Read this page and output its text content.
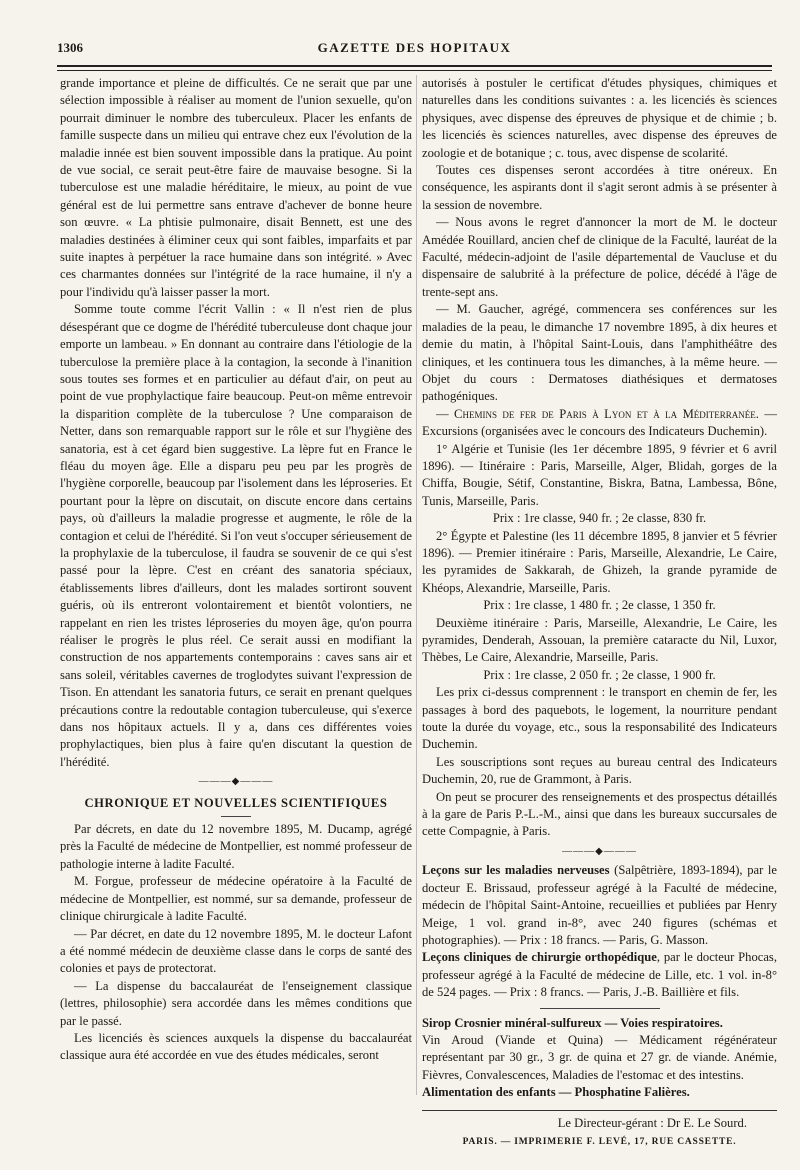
1306	GAZETTE DES HOPITAUX

grande importance et pleine de difficultés. Ce ne serait que par une sélection impossible à réaliser au moment de l'union sexuelle, qu'on pourrait diminuer le nombre des tuberculeux. Placer les enfants de famille suspecte dans un milieu qui entrave chez eux l'évolution de la maladie innée est bien souvent impossible dans la pratique. Au point de vue social, ce serait peut-être faire de mauvaise besogne. Si la tuberculose est une maladie héréditaire, le mieux, au point de vue général est de lui permettre sans entrave d'achever de bonne heure son œuvre. « La phtisie pulmonaire, disait Bennett, est une des maladies destinées à éliminer ceux qui sont faibles, imparfaits et par suite inaptes à perpétuer la race humaine dans son intégrité. » Avec ces charmantes données sur l'intégrité de la race humaine, il n'y a pour l'individu qu'à laisser passer la mort.

Somme toute comme l'écrit Vallin : « Il n'est rien de plus désespérant que ce dogme de l'hérédité tuberculeuse dont chaque jour emporte un lambeau. » En donnant au contraire dans l'étiologie de la tuberculose la première place à la contagion, la seconde à l'inanition sous toutes ses formes et en particulier au défaut d'air, on peut au point de vue prophylactique faire beaucoup. Peut-on même entrevoir la disparition complète de la tuberculose ? Une comparaison de Netter, dans son remarquable rapport sur le rôle et sur l'hygiène des sanatoria, est à cet égard bien suggestive. La lèpre fut en France le fléau du moyen âge. Elle a disparu peu peu par les progrès de l'hygiène corporelle, beaucoup par l'isolement dans les léproseries. Et pourtant pour la lèpre on discutait, on discute encore dans certains pays, où d'ailleurs la maladie progresse et augmente, le rôle de la contagion et celui de l'hérédité. Si l'on veut s'occuper sérieusement de la prophylaxie de la tuberculose, il faudra se souvenir de ce qui s'est passé pour la lèpre. C'est en créant des sanatoria spéciaux, établissements libres d'ailleurs, dont les malades sortiront souvent guéris, où ils entreront volontairement et bientôt volontiers, ne rappelant en rien les tristes léproseries du moyen âge, qu'on pourra réaliser le progrès le plus réel. Ce serait aussi en modifiant la construction de nos appartements contemporains : caves sans air et sans soleil, véritables cavernes de troglodytes suivant l'expression de Tison. En attendant les sanatoria futurs, ce serait en prenant quelques précautions contre la redoutable contagion tuberculeuse, qui s'exerce dans nos hôpitaux actuels. Il y a, dans ces différentes voies prophylactiques, bien plus à faire qu'en discutant la question de l'hérédité.

———◆———
CHRONIQUE ET NOUVELLES SCIENTIFIQUES

Par décrets, en date du 12 novembre 1895, M. Ducamp, agrégé près la Faculté de médecine de Montpellier, est nommé professeur de pathologie interne à ladite Faculté.

M. Forgue, professeur de médecine opératoire à la Faculté de médecine de Montpellier, est nommé, sur sa demande, professeur de clinique chirurgicale à ladite Faculté.

— Par décret, en date du 12 novembre 1895, M. le docteur Lafont a été nommé médecin de deuxième classe dans le corps de santé des colonies et pays de protectorat.

— La dispense du baccalauréat de l'enseignement classique (lettres, philosophie) sera accordée dans les mêmes conditions que par le passé.

Les licenciés ès sciences auxquels la dispense du baccalauréat classique aura été accordée en vue des études médicales, seront

autorisés à postuler le certificat d'études physiques, chimiques et naturelles dans les conditions suivantes : a. les licenciés ès sciences physiques, avec dispense des épreuves de physique et de chimie ; b. les licenciés ès sciences naturelles, avec dispense des épreuves de zoologie et de botanique ; c. tous, avec dispense de scolarité.

Toutes ces dispenses seront accordées à titre onéreux. En conséquence, les aspirants dont il s'agit seront admis à se présenter à la session de novembre.

— Nous avons le regret d'annoncer la mort de M. le docteur Amédée Rouillard, ancien chef de clinique de la Faculté, lauréat de la Faculté, médecin-adjoint de l'asile départemental de Vaucluse et du dispensaire de salubrité à la préfecture de police, décédé à l'âge de trente-sept ans.

— M. Gaucher, agrégé, commencera ses conférences sur les maladies de la peau, le dimanche 17 novembre 1895, à dix heures et demie du matin, à l'hôpital Saint-Louis, dans l'amphithéâtre des cliniques, et les continuera tous les dimanches, à la même heure. — Objet du cours : Dermatoses diathésiques et dermatoses pathogéniques.

— Chemins de fer de Paris à Lyon et à la Méditerranée. — Excursions (organisées avec le concours des Indicateurs Duchemin).

1° Algérie et Tunisie (les 1er décembre 1895, 9 février et 6 avril 1896). — Itinéraire : Paris, Marseille, Alger, Blidah, gorges de la Chiffa, Bougie, Sétif, Constantine, Biskra, Batna, Lambessa, Bône, Tunis, Marseille, Paris.

Prix : 1re classe, 940 fr. ; 2e classe, 830 fr.

2° Égypte et Palestine (les 11 décembre 1895, 8 janvier et 5 février 1896). — Premier itinéraire : Paris, Marseille, Alexandrie, Le Caire, les pyramides de Sakkarah, de Ghizeh, la grande pyramide de Khéops, Alexandrie, Marseille, Paris.

Prix : 1re classe, 1 480 fr. ; 2e classe, 1 350 fr.

Deuxième itinéraire : Paris, Marseille, Alexandrie, Le Caire, les pyramides, Denderah, Assouan, la première cataracte du Nil, Luxor, Thèbes, Le Caire, Alexandrie, Marseille, Paris.

Prix : 1re classe, 2 050 fr. ; 2e classe, 1 900 fr.

Les prix ci-dessus comprennent : le transport en chemin de fer, les passages à bord des paquebots, le logement, la nourriture pendant toute la durée du voyage, etc., sous la responsabilité des Indicateurs Duchemin.

Les souscriptions sont reçues au bureau central des Indicateurs Duchemin, 20, rue de Grammont, à Paris.

On peut se procurer des renseignements et des prospectus détaillés à la gare de Paris P.-L.-M., ainsi que dans les bureaux succursales de cette Compagnie, à Paris.

———◆———

Leçons sur les maladies nerveuses (Salpêtrière, 1893-1894), par le docteur E. Brissaud, professeur agrégé à la Faculté de médecine, médecin de l'hôpital Saint-Antoine, recueillies et publiées par Henry Meige, 1 vol. grand in-8°, avec 240 figures (schémas et photographies). — Prix : 18 francs. — Paris, G. Masson.

Leçons cliniques de chirurgie orthopédique, par le docteur Phocas, professeur agrégé à la Faculté de médecine de Lille, etc. 1 vol. in-8° de 524 pages. — Prix : 8 francs. — Paris, J.-B. Baillière et fils.

Sirop Crosnier minéral-sulfureux — Voies respiratoires.

Vin Aroud (Viande et Quina) — Médicament régénérateur représentant par 30 gr., 3 gr. de quina et 27 gr. de viande. Anémie, Fièvres, Convalescences, Maladies de l'estomac et des intestins.

Alimentation des enfants — Phosphatine Falières.

Le Directeur-gérant : Dr E. Le Sourd.

PARIS. — IMPRIMERIE F. LEVÉ, 17, RUE CASSETTE.
